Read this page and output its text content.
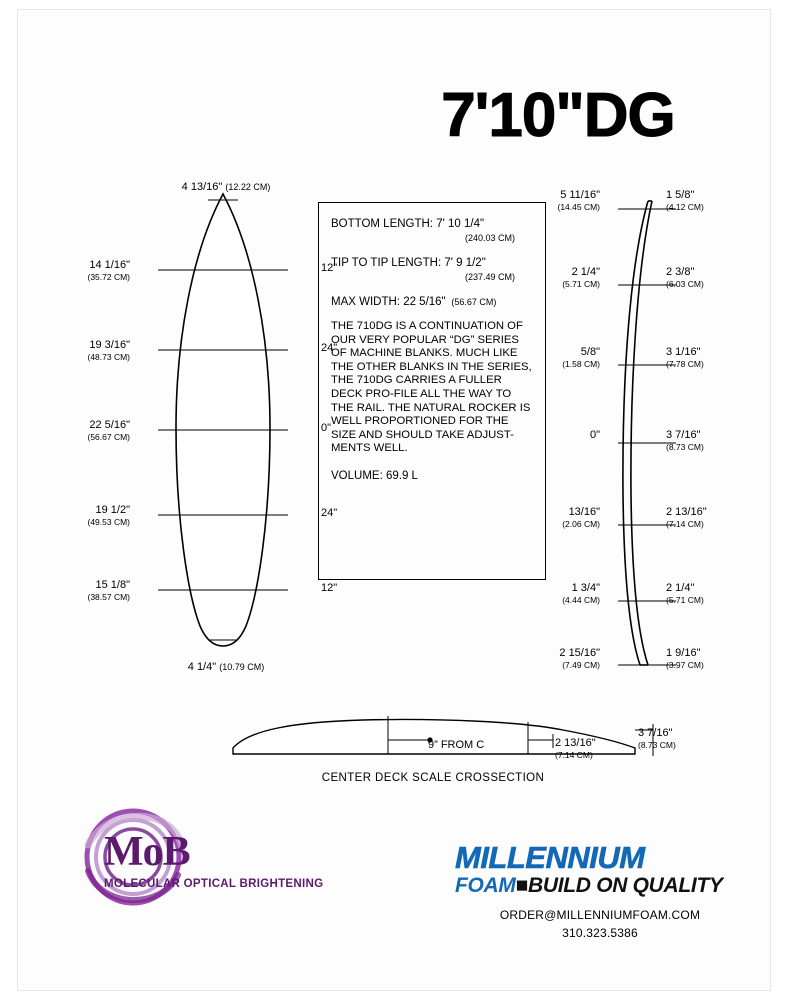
7'10"DG
4 13/16" (12.22 CM)
4 1/4" (10.79 CM)
14 1/16"
(35.72 CM)
19 3/16"
(48.73 CM)
22 5/16"
(56.67 CM)
19 1/2"
(49.53 CM)
15 1/8"
(38.57 CM)
12"
24"
0"
24"
12"
BOTTOM LENGTH: 7' 10 1/4"
(240.03 CM)
TIP TO TIP LENGTH: 7' 9 1/2"
(237.49 CM)
MAX WIDTH: 22 5/16" (56.67 CM)
THE 710DG IS A CONTINUATION OF OUR VERY POPULAR “DG” SERIES OF MACHINE BLANKS. MUCH LIKE THE OTHER BLANKS IN THE SERIES, THE 710DG CARRIES A FULLER DECK PRO-FILE ALL THE WAY TO THE RAIL. THE NATURAL ROCKER IS WELL PROPORTIONED FOR THE SIZE AND SHOULD TAKE ADJUST-MENTS WELL.
VOLUME: 69.9 L
5 11/16"
(14.45 CM)
2 1/4"
(5.71 CM)
5/8"
(1.58 CM)
0"
13/16"
(2.06 CM)
1 3/4"
(4.44 CM)
2 15/16"
(7.49 CM)
1 5/8"
(4.12 CM)
2 3/8"
(6.03 CM)
3 1/16"
(7.78 CM)
3 7/16"
(8.73 CM)
2 13/16"
(7.14 CM)
2 1/4"
(5.71 CM)
1 9/16"
(3.97 CM)
9” FROM C	2 13/16"
(7.14 CM)
3 7/16"
(8.73 CM)
CENTER DECK SCALE CROSSECTION
MoB
MOLECULAR OPTICAL BRIGHTENING
MILLENNIUM
FOAM■BUILD ON QUALITY
ORDER@MILLENNIUMFOAM.COM
310.323.5386
